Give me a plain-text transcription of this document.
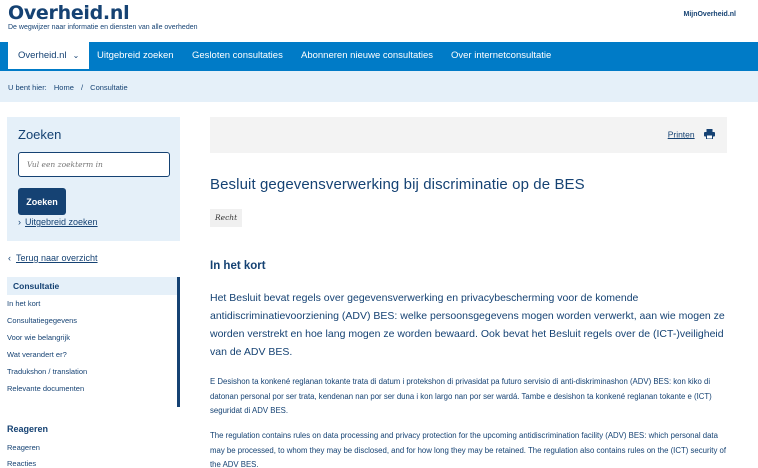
Overheid.nl
De wegwijzer naar informatie en diensten van alle overheden
MijnOverheid.nl
Overheid.nl ⌄	Uitgebreid zoeken Gesloten consultaties Abonneren nieuwe consultaties Over internetconsultatie
U bent hier: Home / Consultatie
Zoeken
Vul een zoekterm in
Zoeken
› Uitgebreid zoeken
‹ Terug naar overzicht
Consultatie
In het kort
Consultatiegegevens
Voor wie belangrijk
Wat verandert er?
Tradukshon / translation
Relevante documenten
Reageren
Reageren
Reacties
Printen
Besluit gegevensverwerking bij discriminatie op de BES
Recht
In het kort

Het Besluit bevat regels over gegevensverwerking en privacybescherming voor de komende antidiscriminatievoorziening (ADV) BES: welke persoonsgegevens mogen worden verwerkt, aan wie mogen ze worden verstrekt en hoe lang mogen ze worden bewaard. Ook bevat het Besluit regels over de (ICT-)veiligheid van de ADV BES.

E Desishon ta konkené reglanan tokante trata di datum i protekshon di privasidat pa futuro servisio di anti-diskriminashon (ADV) BES: kon kiko di datonan personal por ser trata, kendenan nan por ser duna i kon largo nan por ser wardá. Tambe e desishon ta konkené reglanan tokante e (ICT) seguridat di ADV BES.

The regulation contains rules on data processing and privacy protection for the upcoming antidiscrimination facility (ADV) BES: which personal data may be processed, to whom they may be disclosed, and for how long they may be retained. The regulation also contains rules on the (ICT) security of the ADV BES.
